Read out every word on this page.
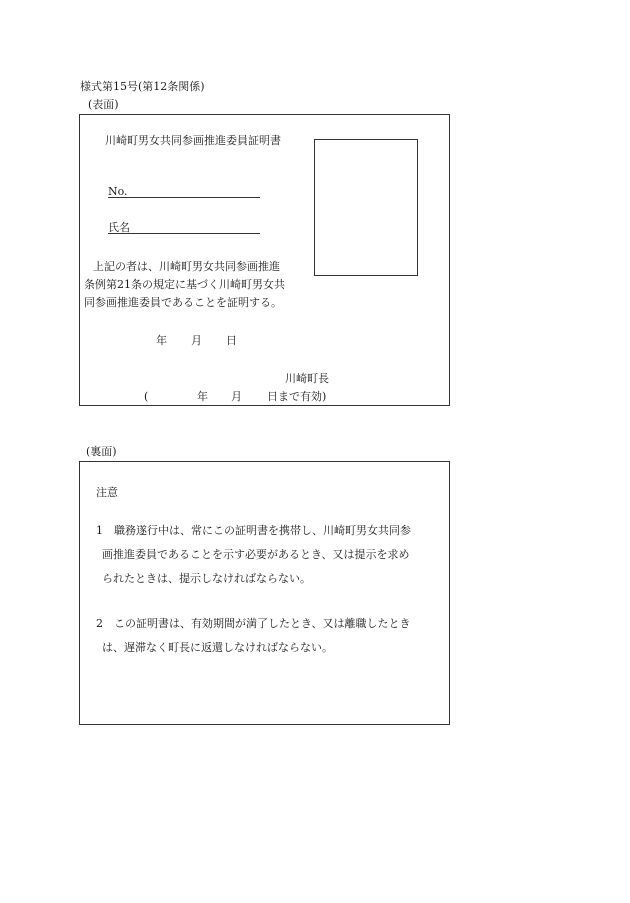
様式第15号(第12条関係)
(表面)
川崎町男女共同参画推進委員証明書
No.
氏名
上記の者は、川崎町男女共同参画推進
条例第21条の規定に基づく川崎町男女共
同参画推進委員であることを証明する。
年 月 日
川崎町長
(	年 月 日まで有効)
(裏面)
注意
1 職務遂行中は、常にこの証明書を携帯し、川崎町男女共同参
画推進委員であることを示す必要があるとき、又は提示を求め
られたときは、提示しなければならない。
2 この証明書は、有効期間が満了したとき、又は離職したとき
は、遅滞なく町長に返還しなければならない。
